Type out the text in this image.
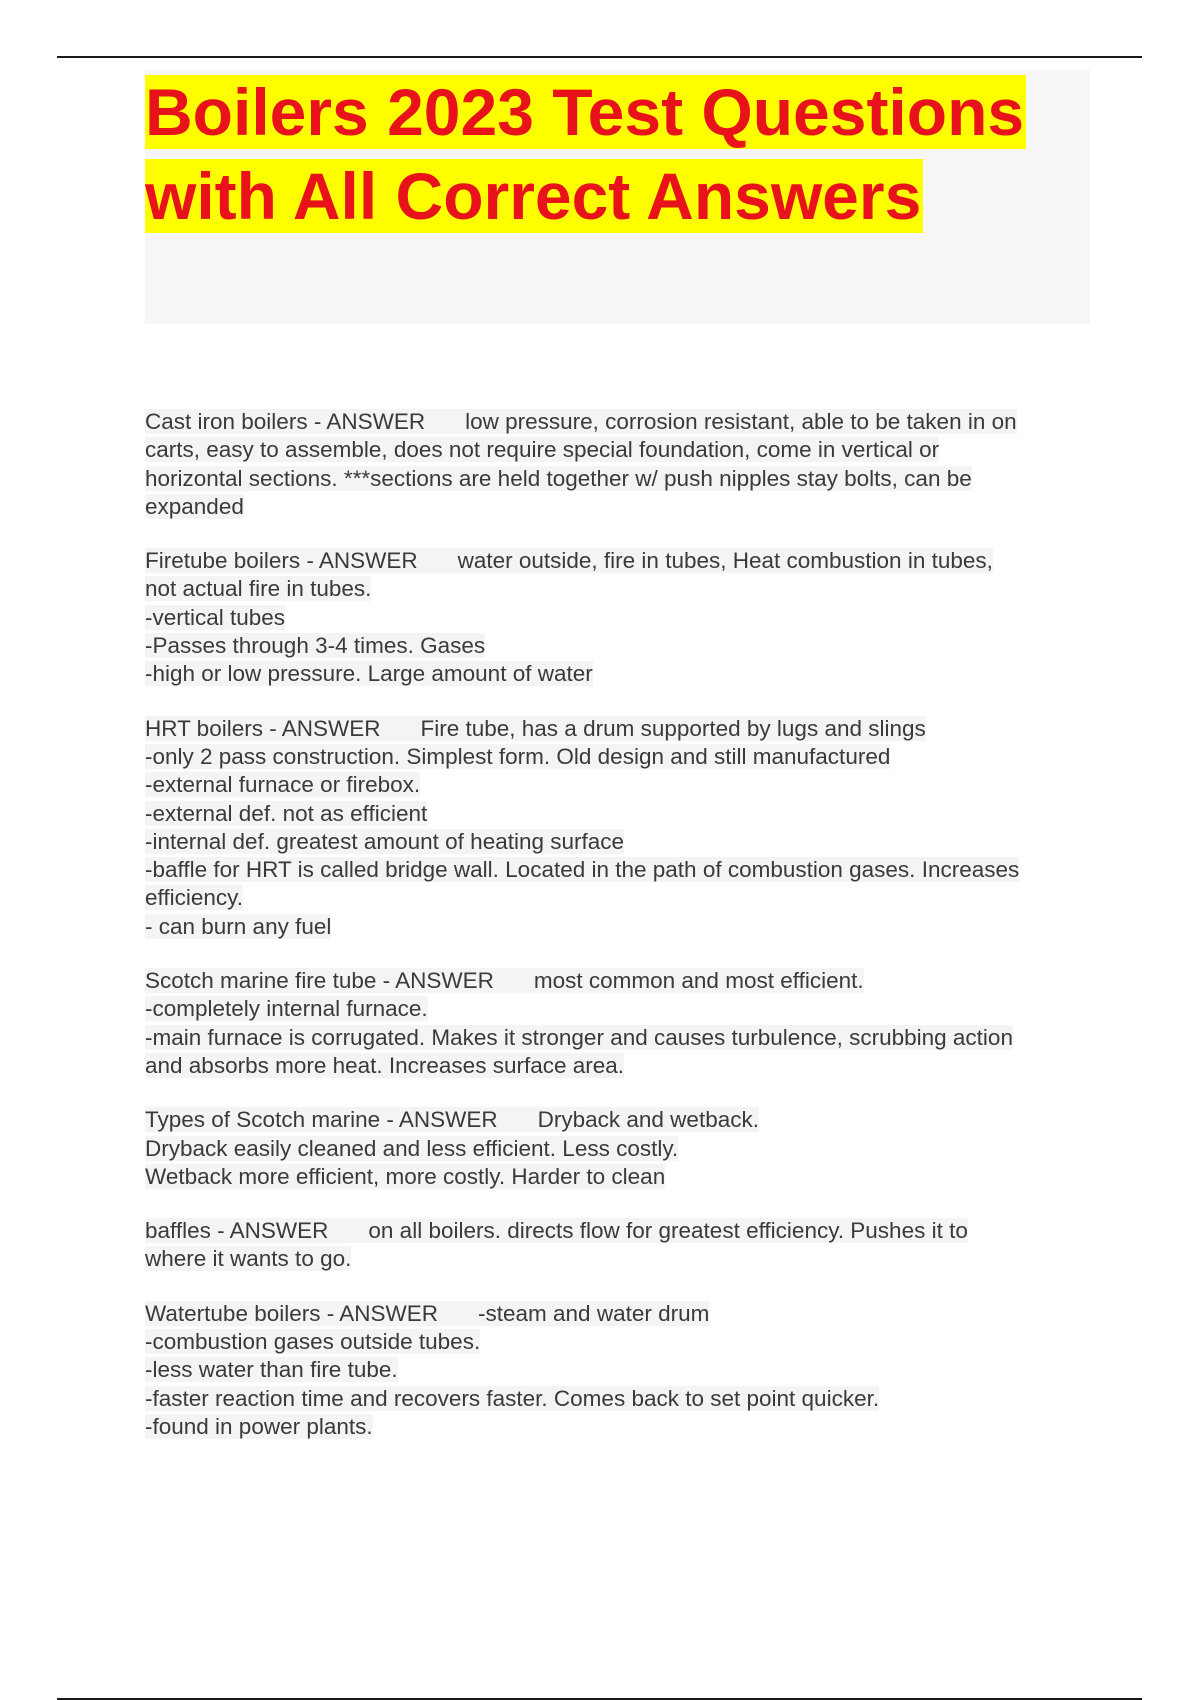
Boilers 2023 Test Questions with All Correct Answers
Cast iron boilers - ANSWER low pressure, corrosion resistant, able to be taken in on
carts, easy to assemble, does not require special foundation, come in vertical or
horizontal sections. ***sections are held together w/ push nipples stay bolts, can be
expanded
Firetube boilers - ANSWER water outside, fire in tubes, Heat combustion in tubes,
not actual fire in tubes.
-vertical tubes
-Passes through 3-4 times. Gases
-high or low pressure. Large amount of water
HRT boilers - ANSWER Fire tube, has a drum supported by lugs and slings
-only 2 pass construction. Simplest form. Old design and still manufactured
-external furnace or firebox.
-external def. not as efficient
-internal def. greatest amount of heating surface
-baffle for HRT is called bridge wall. Located in the path of combustion gases. Increases
efficiency.
- can burn any fuel
Scotch marine fire tube - ANSWER most common and most efficient.
-completely internal furnace.
-main furnace is corrugated. Makes it stronger and causes turbulence, scrubbing action
and absorbs more heat. Increases surface area.
Types of Scotch marine - ANSWER Dryback and wetback.
Dryback easily cleaned and less efficient. Less costly.
Wetback more efficient, more costly. Harder to clean
baffles - ANSWER on all boilers. directs flow for greatest efficiency. Pushes it to
where it wants to go.
Watertube boilers - ANSWER -steam and water drum
-combustion gases outside tubes.
-less water than fire tube.
-faster reaction time and recovers faster. Comes back to set point quicker.
-found in power plants.
